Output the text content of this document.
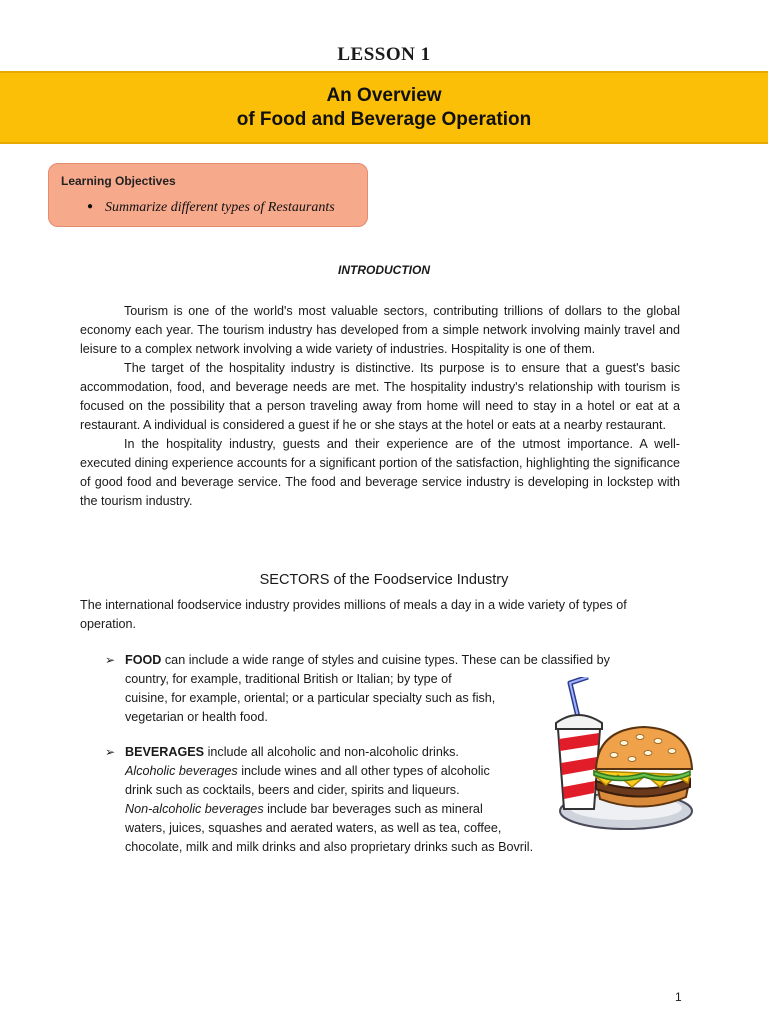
LESSON 1
An Overview
of Food and Beverage Operation
Learning Objectives
● Summarize different types of Restaurants
INTRODUCTION

Tourism is one of the world's most valuable sectors, contributing trillions of dollars to the global economy each year. The tourism industry has developed from a simple network involving mainly travel and leisure to a complex network involving a wide variety of industries. Hospitality is one of them.

The target of the hospitality industry is distinctive. Its purpose is to ensure that a guest's basic accommodation, food, and beverage needs are met. The hospitality industry's relationship with tourism is focused on the possibility that a person traveling away from home will need to stay in a hotel or eat at a restaurant. A individual is considered a guest if he or she stays at the hotel or eats at a nearby restaurant.

In the hospitality industry, guests and their experience are of the utmost importance. A well-executed dining experience accounts for a significant portion of the satisfaction, highlighting the significance of good food and beverage service. The food and beverage service industry is developing in lockstep with the tourism industry.

SECTORS of the Foodservice Industry
The international foodservice industry provides millions of meals a day in a wide variety of types of operation.
➢ FOOD can include a wide range of styles and cuisine types. These can be classified by
country, for example, traditional British or Italian; by type of
cuisine, for example, oriental; or a particular specialty such as fish,
vegetarian or health food.
➢ BEVERAGES include all alcoholic and non-alcoholic drinks.
Alcoholic beverages include wines and all other types of alcoholic
drink such as cocktails, beers and cider, spirits and liqueurs.
Non-alcoholic beverages include bar beverages such as mineral
waters, juices, squashes and aerated waters, as well as tea, coffee,
chocolate, milk and milk drinks and also proprietary drinks such as Bovril.
1
